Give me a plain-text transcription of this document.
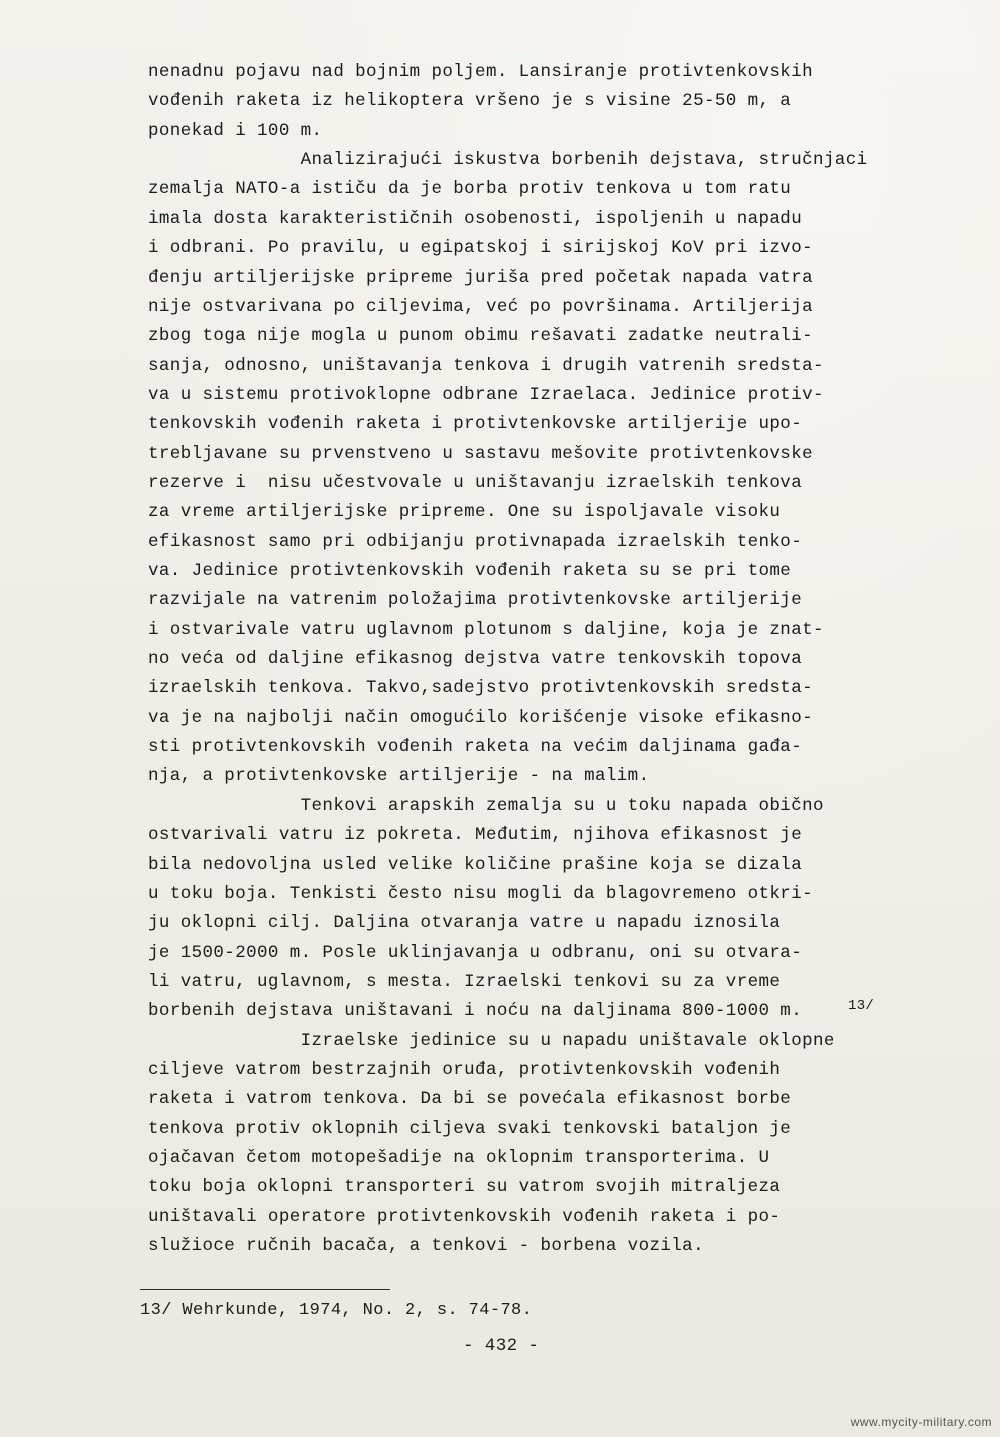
nenadnu pojavu nad bojnim poljem. Lansiranje protivtenkovskih
vođenih raketa iz helikoptera vršeno je s visine 25-50 m, a
ponekad i 100 m.
Analizirajući iskustva borbenih dejstava, stručnjaci
zemalja NATO-a ističu da je borba protiv tenkova u tom ratu
imala dosta karakterističnih osobenosti, ispoljenih u napadu
i odbrani. Po pravilu, u egipatskoj i sirijskoj KoV pri izvo-
đenju artiljerijske pripreme juriša pred početak napada vatra
nije ostvarivana po ciljevima, već po površinama. Artiljerija
zbog toga nije mogla u punom obimu rešavati zadatke neutrali-
sanja, odnosno, uništavanja tenkova i drugih vatrenih sredsta-
va u sistemu protivoklopne odbrane Izraelaca. Jedinice protiv-
tenkovskih vođenih raketa i protivtenkovske artiljerije upo-
trebljavane su prvenstveno u sastavu mešovite protivtenkovske
rezerve i  nisu učestvovale u uništavanju izraelskih tenkova
za vreme artiljerijske pripreme. One su ispoljavale visoku
efikasnost samo pri odbijanju protivnapada izraelskih tenko-
va. Jedinice protivtenkovskih vođenih raketa su se pri tome
razvijale na vatrenim položajima protivtenkovske artiljerije
i ostvarivale vatru uglavnom plotunom s daljine, koja je znat-
no veća od daljine efikasnog dejstva vatre tenkovskih topova
izraelskih tenkova. Takvo,sadejstvo protivtenkovskih sredsta-
va je na najbolji način omogućilo korišćenje visoke efikasno-
sti protivtenkovskih vođenih raketa na većim daljinama gađa-
nja, a protivtenkovske artiljerije - na malim.
Tenkovi arapskih zemalja su u toku napada obično
ostvarivali vatru iz pokreta. Međutim, njihova efikasnost je
bila nedovoljna usled velike količine prašine koja se dizala
u toku boja. Tenkisti često nisu mogli da blagovremeno otkri-
ju oklopni cilj. Daljina otvaranja vatre u napadu iznosila
je 1500-2000 m. Posle uklinjavanja u odbranu, oni su otvara-
li vatru, uglavnom, s mesta. Izraelski tenkovi su za vreme
borbenih dejstava uništavani i noću na daljinama 800-1000 m.
Izraelske jedinice su u napadu uništavale oklopne
ciljeve vatrom bestrzajnih oruđa, protivtenkovskih vođenih
raketa i vatrom tenkova. Da bi se povećala efikasnost borbe
tenkova protiv oklopnih ciljeva svaki tenkovski bataljon je
ojačavan četom motopešadije na oklopnim transporterima. U
toku boja oklopni transporteri su vatrom svojih mitraljeza
uništavali operatore protivtenkovskih vođenih raketa i po-
služioce ručnih bacača, a tenkovi - borbena vozila.
13/
13/ Wehrkunde, 1974, No. 2, s. 74-78.
- 432 -
www.mycity-military.com
